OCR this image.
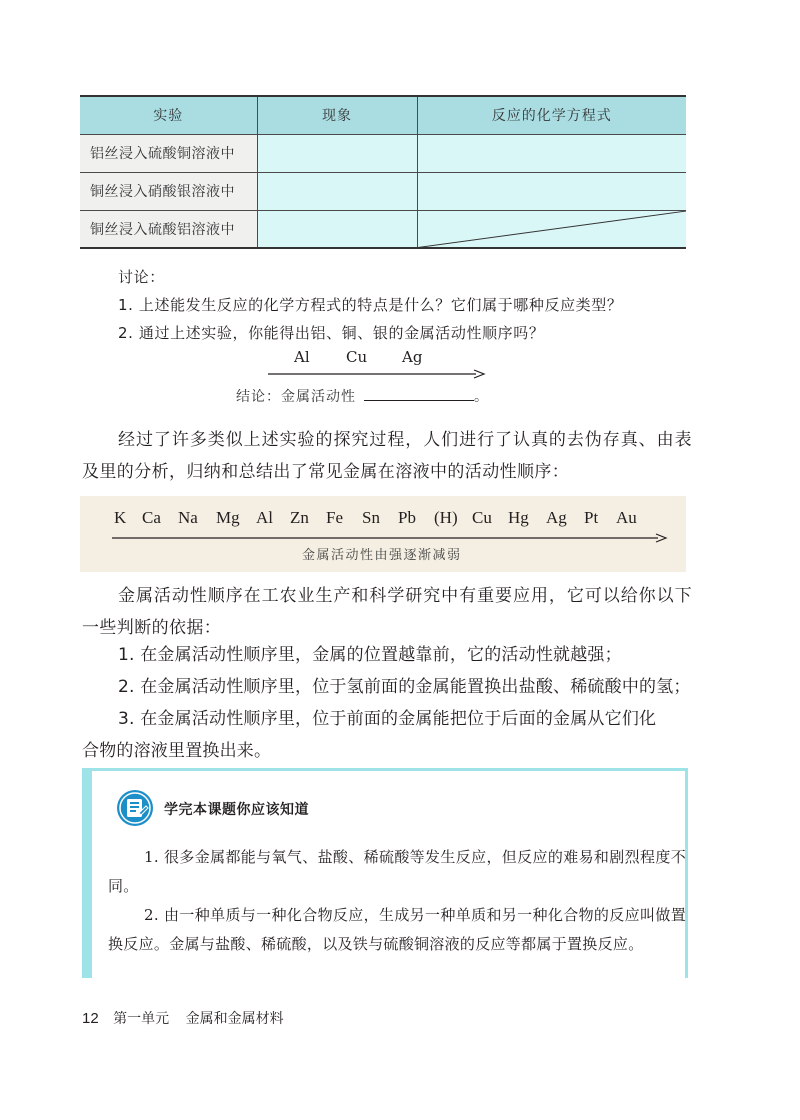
实验	现象	反应的化学方程式
铝丝浸入硫酸铜溶液中		
铜丝浸入硝酸银溶液中		
铜丝浸入硫酸铝溶液中		
讨论：
1. 上述能发生反应的化学方程式的特点是什么？它们属于哪种反应类型？
2. 通过上述实验，你能得出铝、铜、银的金属活动性顺序吗？
Al Cu Ag
结论：金属活动性	。
经过了许多类似上述实验的探究过程，人们进行了认真的去伪存真、由表及里的分析，归纳和总结出了常见金属在溶液中的活动性顺序：
K Ca Na Mg Al Zn Fe Sn Pb (H) Cu Hg Ag Pt Au
金属活动性由强逐渐减弱
金属活动性顺序在工农业生产和科学研究中有重要应用，它可以给你以下一些判断的依据：
1. 在金属活动性顺序里，金属的位置越靠前，它的活动性就越强；
2. 在金属活动性顺序里，位于氢前面的金属能置换出盐酸、稀硫酸中的氢；
3. 在金属活动性顺序里，位于前面的金属能把位于后面的金属从它们化
合物的溶液里置换出来。
学完本课题你应该知道
1. 很多金属都能与氧气、盐酸、稀硫酸等发生反应，但反应的难易和剧烈程度不同。
2. 由一种单质与一种化合物反应，生成另一种单质和另一种化合物的反应叫做置换反应。金属与盐酸、稀硫酸，以及铁与硫酸铜溶液的反应等都属于置换反应。
12 第一单元 金属和金属材料
